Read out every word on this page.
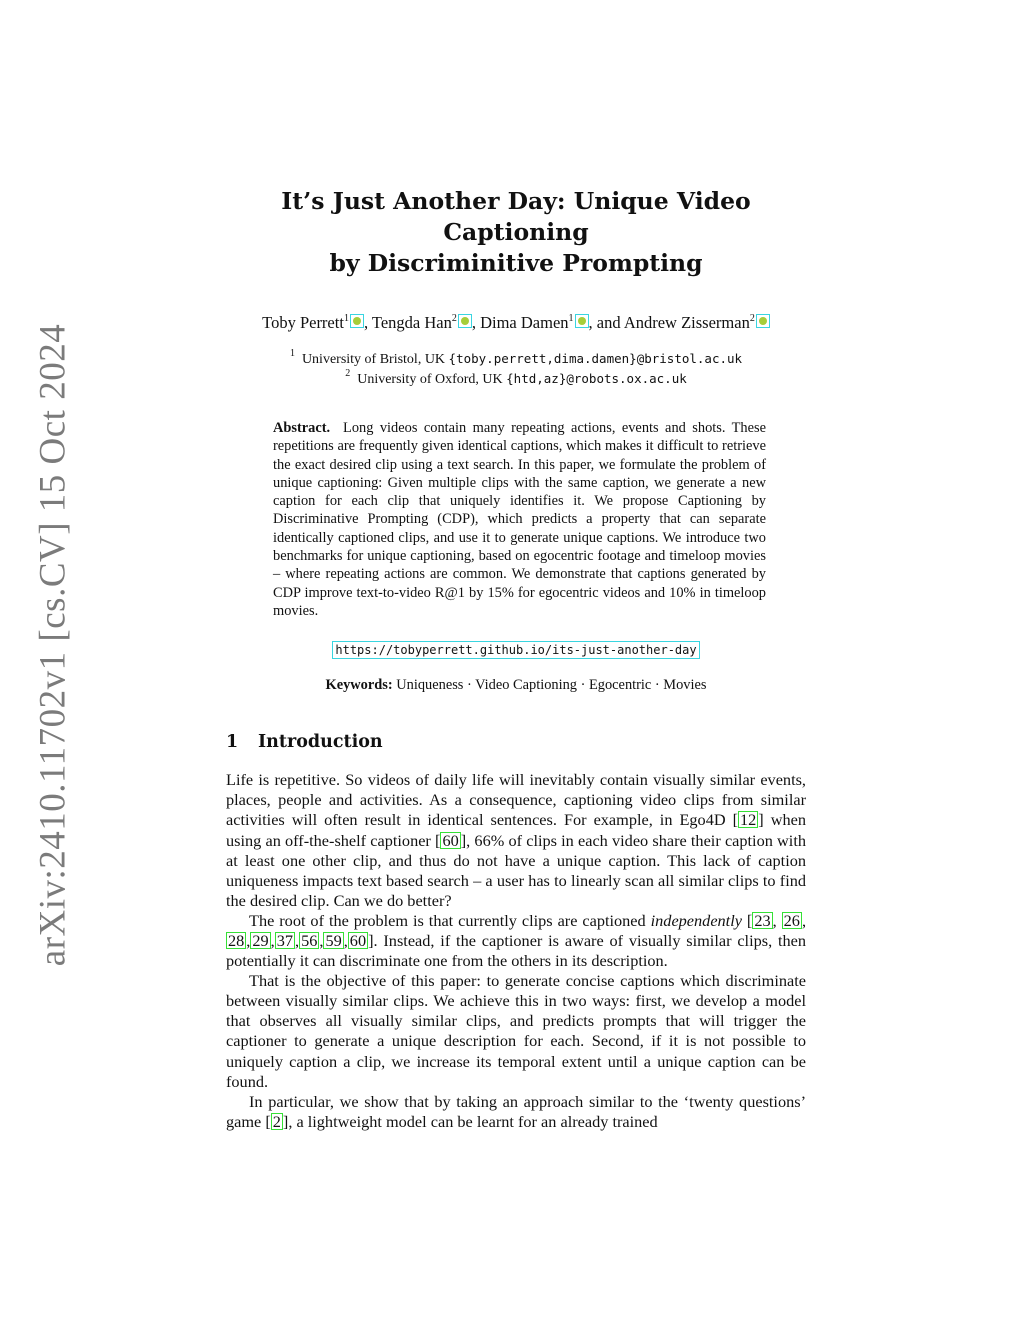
arXiv:2410.11702v1 [cs.CV] 15 Oct 2024
It’s Just Another Day: Unique Video Captioning
by Discriminitive Prompting
Toby Perrett$^1$ , Tengda Han$^2$ , Dima Damen$^1$ , and Andrew Zisserman$^2$
$^1$ University of Bristol, UK {toby.perrett,dima.damen}@bristol.ac.uk
$^2$ University of Oxford, UK {htd,az}@robots.ox.ac.uk
Abstract. Long videos contain many repeating actions, events and shots. These repetitions are frequently given identical captions, which makes it difficult to retrieve the exact desired clip using a text search. In this paper, we formulate the problem of unique captioning: Given multiple clips with the same caption, we generate a new caption for each clip that uniquely identifies it. We propose Captioning by Discriminative Prompting (CDP), which predicts a property that can separate identically captioned clips, and use it to generate unique captions. We introduce two benchmarks for unique captioning, based on egocentric footage and timeloop movies – where repeating actions are common. We demonstrate that captions generated by CDP improve text-to-video R@1 by 15% for egocentric videos and 10% in timeloop movies.
https://tobyperrett.github.io/its-just-another-day
Keywords: Uniqueness · Video Captioning · Egocentric · Movies
1 Introduction

Life is repetitive. So videos of daily life will inevitably contain visually similar events, places, people and activities. As a consequence, captioning video clips from similar activities will often result in identical sentences. For example, in Ego4D [ 12 ] when using an off-the-shelf captioner [ 60 ], 66% of clips in each video share their caption with at least one other clip, and thus do not have a unique caption. This lack of caption uniqueness impacts text based search – a user has to linearly scan all similar clips to find the desired clip. Can we do better?

The root of the problem is that currently clips are captioned independently [ 23 , 26 ,28 , 29 , 37 , 56 , 59 , 60 ]. Instead, if the captioner is aware of visually similar clips, then potentially it can discriminate one from the others in its description.

That is the objective of this paper: to generate concise captions which discriminate between visually similar clips. We achieve this in two ways: first, we develop a model that observes all visually similar clips, and predicts prompts that will trigger the captioner to generate a unique description for each. Second, if it is not possible to uniquely caption a clip, we increase its temporal extent until a unique caption can be found.

In particular, we show that by taking an approach similar to the ‘twenty questions’ game [ 2 ], a lightweight model can be learnt for an already trained
